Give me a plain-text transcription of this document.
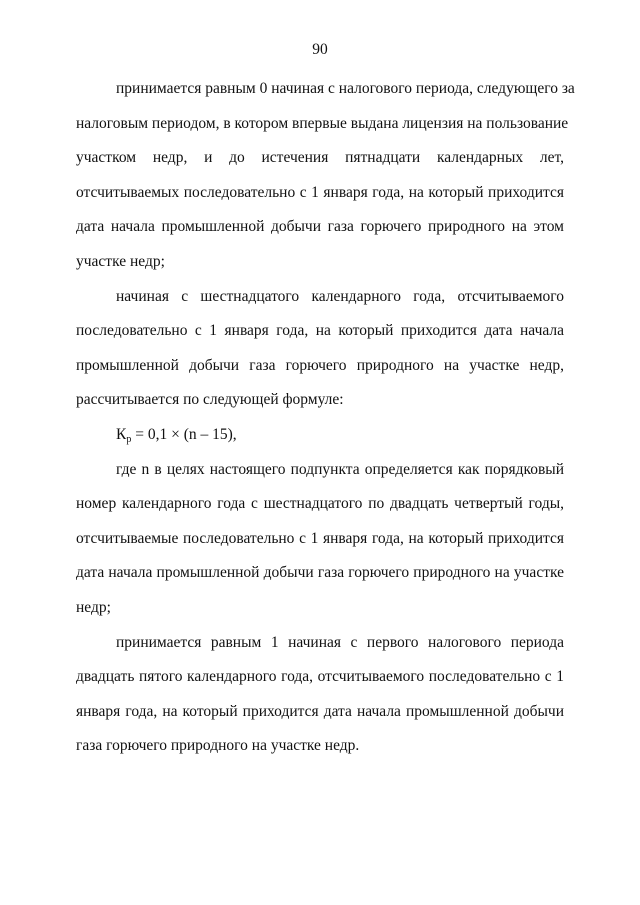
90

принимается равным 0 начиная с налогового периода, следующего за
налоговым периодом, в котором впервые выдана лицензия на пользование
участком недр, и до истечения пятнадцати календарных лет,
отсчитываемых последовательно с 1 января года, на который приходится
дата начала промышленной добычи газа горючего природного на этом
участке недр;

начиная с шестнадцатого календарного года, отсчитываемого
последовательно с 1 января года, на который приходится дата начала
промышленной добычи газа горючего природного на участке недр,
рассчитывается по следующей формуле:

$К_р = 0,1 \times (n - 15)$,

где n в целях настоящего подпункта определяется как порядковый
номер календарного года с шестнадцатого по двадцать четвертый годы,
отсчитываемые последовательно с 1 января года, на который приходится
дата начала промышленной добычи газа горючего природного на участке
недр;

принимается равным 1 начиная с первого налогового периода
двадцать пятого календарного года, отсчитываемого последовательно с 1
января года, на который приходится дата начала промышленной добычи
газа горючего природного на участке недр.
